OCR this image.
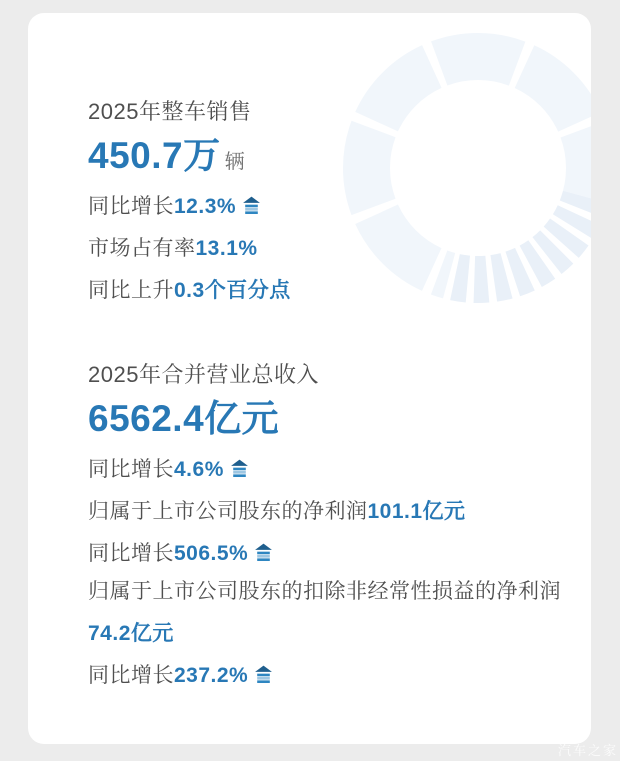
2025年整车销售
450.7万 辆
同比增长12.3%
市场占有率13.1%
同比上升0.3个百分点
2025年合并营业总收入
6562.4亿元
同比增长4.6%
归属于上市公司股东的净利润101.1亿元
同比增长506.5%
归属于上市公司股东的扣除非经常性损益的净利润
74.2亿元
同比增长237.2%
汽车之家
